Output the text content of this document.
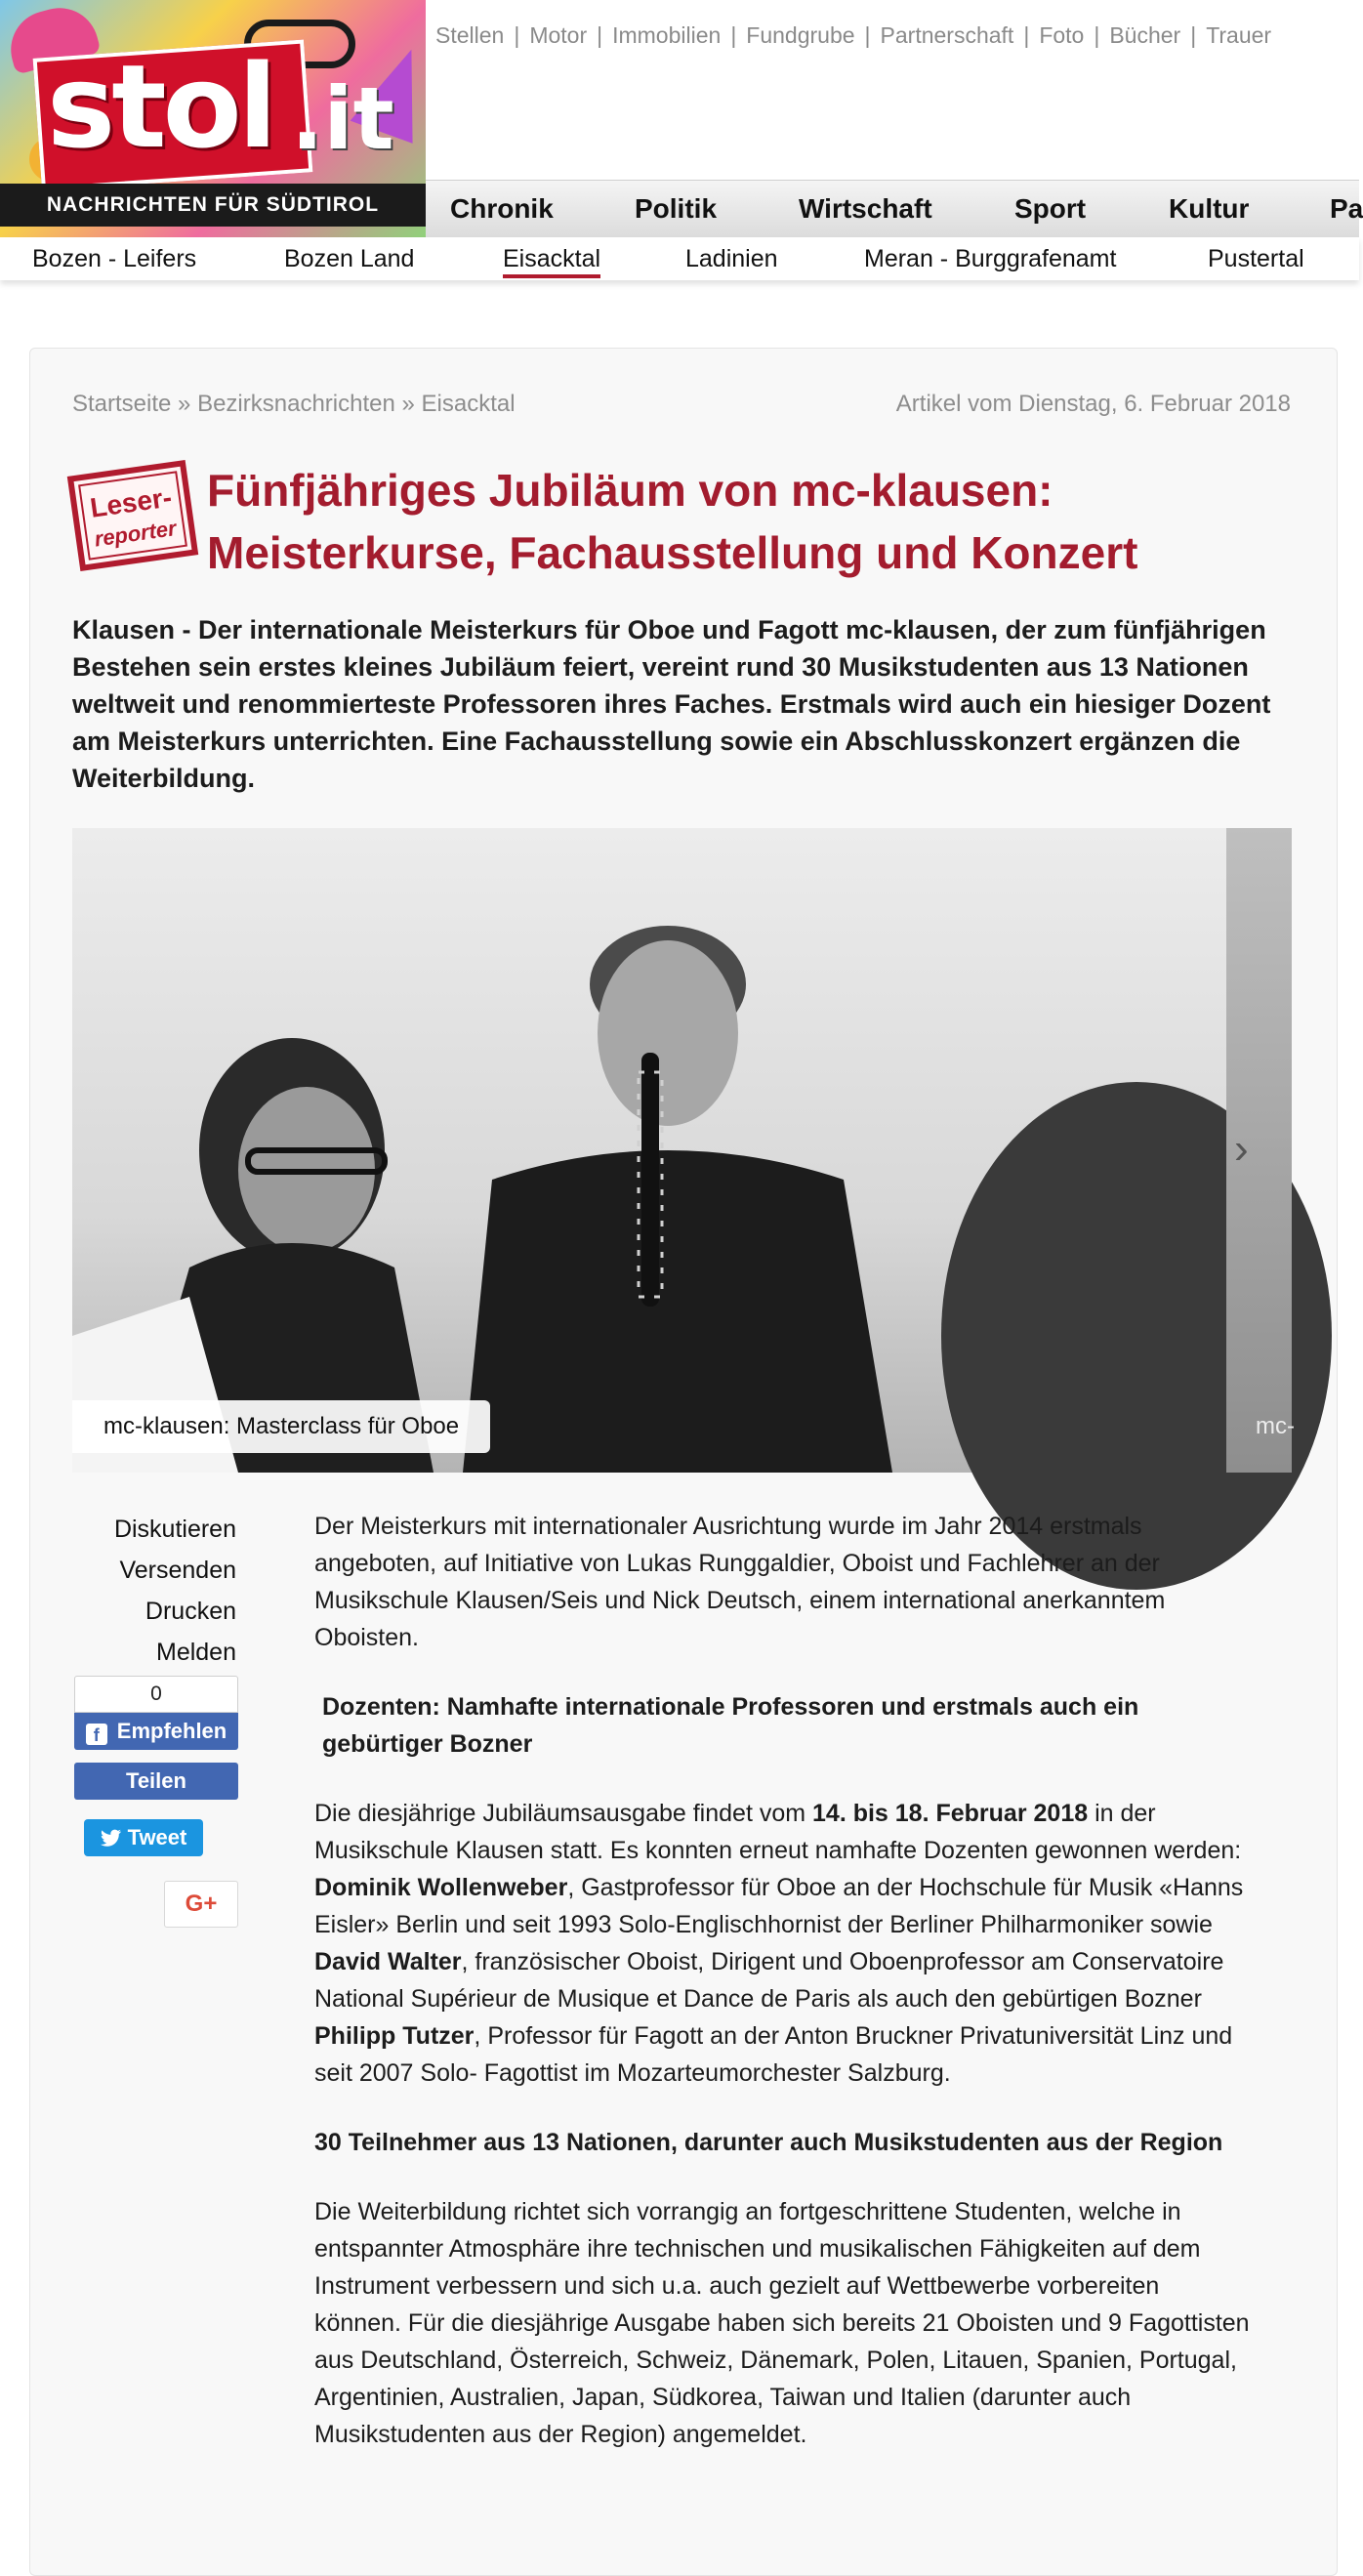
stol .it
NACHRICHTEN FÜR SÜDTIROL
Stellen | Motor | Immobilien | Fundgrube | Partnerschaft | Foto | Bücher | Trauer
Chronik	Politik	Wirtschaft	Sport	Kultur	Pa
Bozen - Leifers	Bozen Land	Eisacktal	Ladinien	Meran - Burggrafenamt	Pustertal
Startseite » Bezirksnachrichten » Eisacktal	Artikel vom Dienstag, 6. Februar 2018
Leser-
reporter
Fünfjähriges Jubiläum von mc-klausen: Meisterkurse, Fachausstellung und Konzert
Klausen - Der internationale Meisterkurs für Oboe und Fagott mc-klausen, der zum fünfjährigen Bestehen sein erstes kleines Jubiläum feiert, vereint rund 30 Musikstudenten aus 13 Nationen weltweit und renommierteste Professoren ihres Faches. Erstmals wird auch ein hiesiger Dozent am Meisterkurs unterrichten. Eine Fachausstellung sowie ein Abschlusskonzert ergänzen die Weiterbildung.
mc-klausen: Masterclass für Oboe	mc-
›
Diskutieren
Versenden
Drucken
Melden
0
f Empfehlen
Teilen
Tweet
G+

Der Meisterkurs mit internationaler Ausrichtung wurde im Jahr 2014 erstmals angeboten, auf Initiative von Lukas Runggaldier, Oboist und Fachlehrer an der Musikschule Klausen/Seis und Nick Deutsch, einem international anerkanntem Oboisten.

Dozenten: Namhafte internationale Professoren und erstmals auch ein gebürtiger Bozner

Die diesjährige Jubiläumsausgabe findet vom 14. bis 18. Februar 2018 in der Musikschule Klausen statt. Es konnten erneut namhafte Dozenten gewonnen werden: Dominik Wollenweber, Gastprofessor für Oboe an der Hochschule für Musik «Hanns Eisler» Berlin und seit 1993 Solo-Englischhornist der Berliner Philharmoniker sowie David Walter, französischer Oboist, Dirigent und Oboenprofessor am Conservatoire National Supérieur de Musique et Dance de Paris als auch den gebürtigen Bozner Philipp Tutzer, Professor für Fagott an der Anton Bruckner Privatuniversität Linz und seit 2007 Solo- Fagottist im Mozarteumorchester Salzburg.

30 Teilnehmer aus 13 Nationen, darunter auch Musikstudenten aus der Region

Die Weiterbildung richtet sich vorrangig an fortgeschrittene Studenten, welche in entspannter Atmosphäre ihre technischen und musikalischen Fähigkeiten auf dem Instrument verbessern und sich u.a. auch gezielt auf Wettbewerbe vorbereiten können. Für die diesjährige Ausgabe haben sich bereits 21 Oboisten und 9 Fagottisten aus Deutschland, Österreich, Schweiz, Dänemark, Polen, Litauen, Spanien, Portugal, Argentinien, Australien, Japan, Südkorea, Taiwan und Italien (darunter auch Musikstudenten aus der Region) angemeldet.
